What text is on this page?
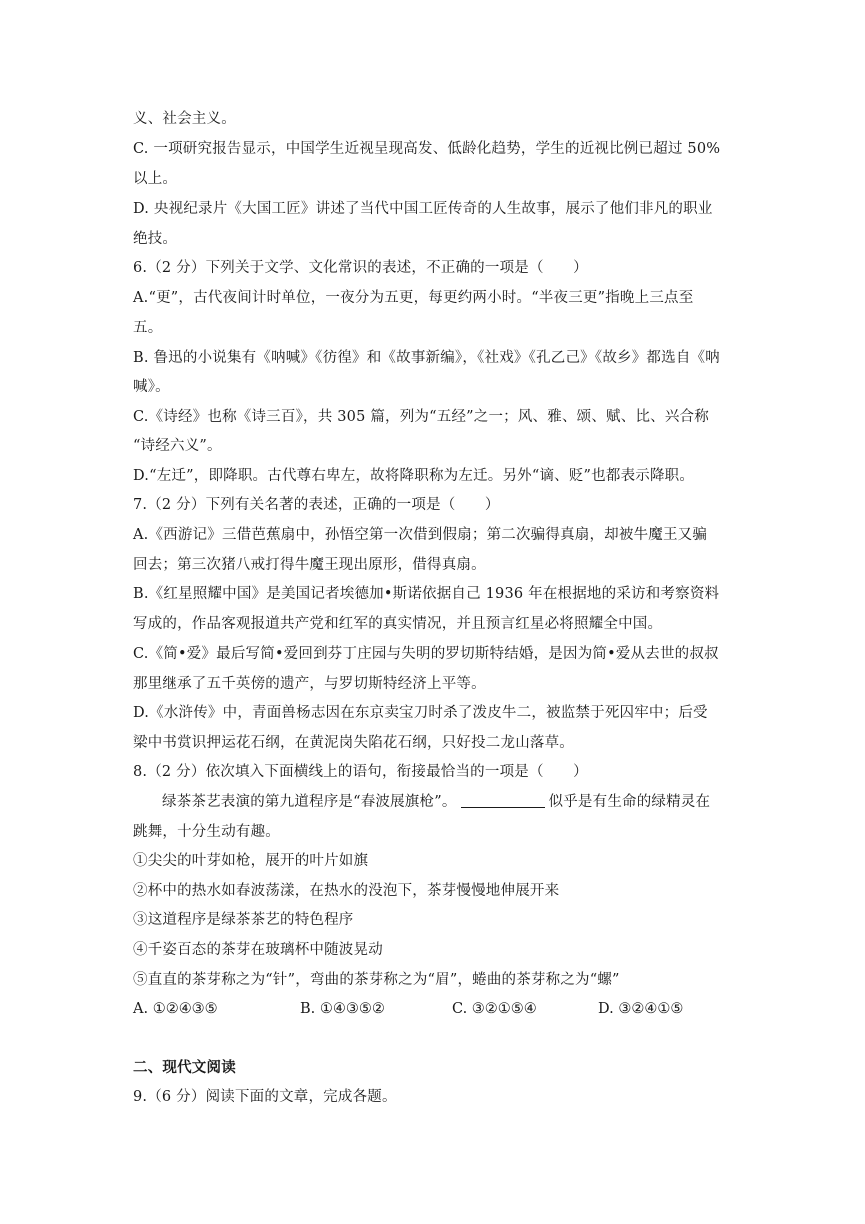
义、社会主义。
C. 一项研究报告显示，中国学生近视呈现高发、低龄化趋势，学生的近视比例已超过 50%
以上。
D. 央视纪录片《大国工匠》讲述了当代中国工匠传奇的人生故事，展示了他们非凡的职业
绝技。
6.（2 分）下列关于文学、文化常识的表述，不正确的一项是（　　）
A.“更”，古代夜间计时单位，一夜分为五更，每更约两小时。“半夜三更”指晚上三点至
五。
B. 鲁迅的小说集有《呐喊》《彷徨》和《故事新编》，《社戏》《孔乙己》《故乡》都选自《呐
喊》。
C.《诗经》也称《诗三百》，共 305 篇，列为“五经”之一；风、雅、颂、赋、比、兴合称
“诗经六义”。
D.“左迁”，即降职。古代尊右卑左，故将降职称为左迁。另外“谪、贬”也都表示降职。
7.（2 分）下列有关名著的表述，正确的一项是（　　）
A.《西游记》三借芭蕉扇中，孙悟空第一次借到假扇；第二次骗得真扇，却被牛魔王又骗
回去；第三次猪八戒打得牛魔王现出原形，借得真扇。
B.《红星照耀中国》是美国记者埃德加•斯诺依据自己 1936 年在根据地的采访和考察资料
写成的，作品客观报道共产党和红军的真实情况，并且预言红星必将照耀全中国。
C.《简•爱》最后写简•爱回到芬丁庄园与失明的罗切斯特结婚，是因为简•爱从去世的叔叔
那里继承了五千英傍的遗产，与罗切斯特经济上平等。
D.《水浒传》中，青面兽杨志因在东京卖宝刀时杀了泼皮牛二，被监禁于死囚牢中；后受
梁中书赏识押运花石纲，在黄泥岗失陷花石纲，只好投二龙山落草。
8.（2 分）依次填入下面横线上的语句，衔接最恰当的一项是（　　）
绿茶茶艺表演的第九道程序是“春波展旗枪”。	似乎是有生命的绿精灵在
跳舞，十分生动有趣。
①尖尖的叶芽如枪，展开的叶片如旗
②杯中的热水如春波荡漾，在热水的没泡下，茶芽慢慢地伸展开来
③这道程序是绿茶茶艺的特色程序
④千姿百态的茶芽在玻璃杯中随波晃动
⑤直直的茶芽称之为“针”，弯曲的茶芽称之为“眉”，蜷曲的茶芽称之为“螺”
A. ①②④③⑤	B. ①④③⑤②	C. ③②①⑤④	D. ③②④①⑤
二、现代文阅读
9.（6 分）阅读下面的文章，完成各题。
